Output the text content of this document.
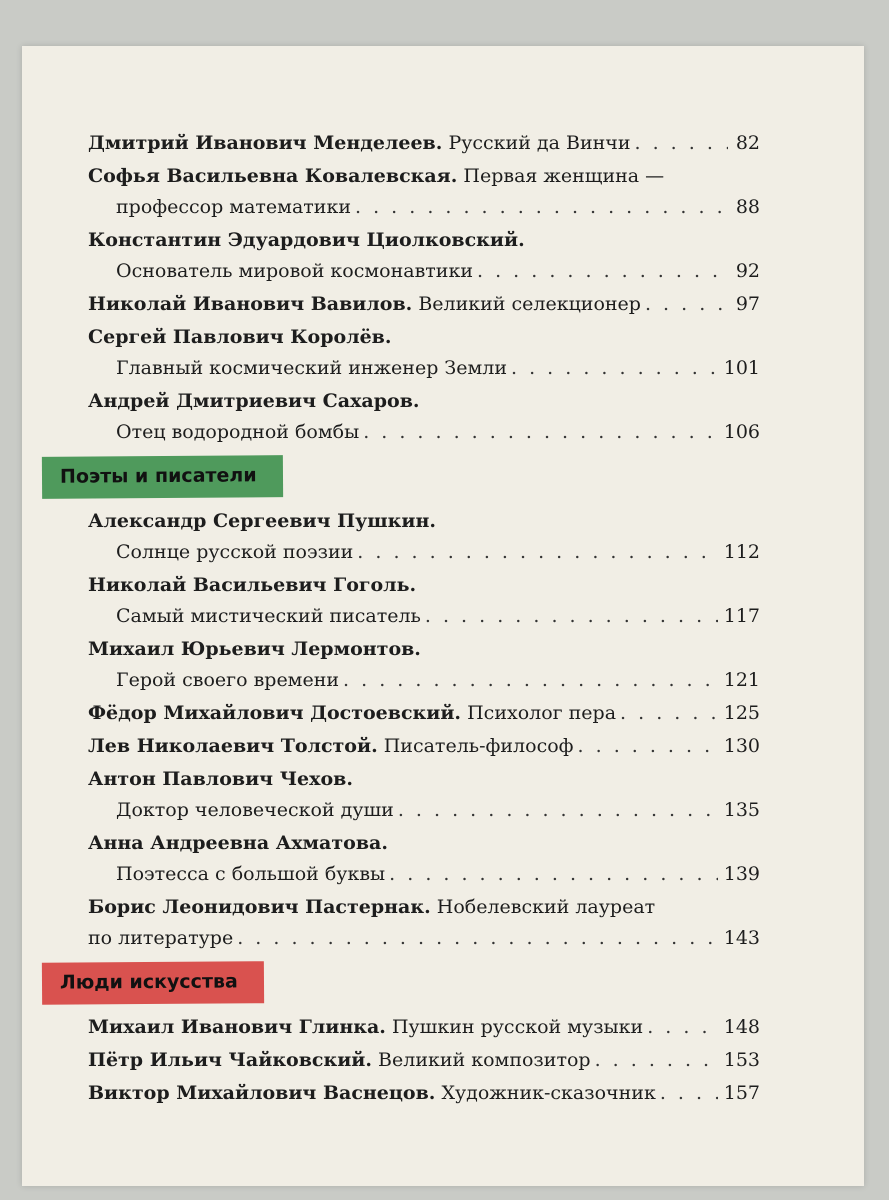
Дмитрий Иванович Менделеев.
Русский да Винчи . . .	82
Софья Васильевна Ковалевская.
Первая женщина —
профессор математики . . .	88
Константин Эдуардович Циолковский.
Основатель мировой космонавтики . . .	92
Николай Иванович Вавилов.
Великий селекционер . . .	97
Сергей Павлович Королёв.
Главный космический инженер Земли . . .	101
Андрей Дмитриевич Сахаров.
Отец водородной бомбы . . .	106
Поэты и писатели
Александр Сергеевич Пушкин.
Солнце русской поэзии . . .	112
Николай Васильевич Гоголь.
Самый мистический писатель . . .	117
Михаил Юрьевич Лермонтов.
Герой своего времени . . .	121
Фёдор Михайлович Достоевский.
Психолог пера . . .	125
Лев Николаевич Толстой.
Писатель-философ . . .	130
Антон Павлович Чехов.
Доктор человеческой души . . .	135
Анна Андреевна Ахматова.
Поэтесса с большой буквы . . .	139
Борис Леонидович Пастернак.
Нобелевский лауреат
по литературе . . .	143
Люди искусства
Михаил Иванович Глинка.
Пушкин русской музыки . . .	148
Пётр Ильич Чайковский.
Великий композитор . . .	153
Виктор Михайлович Васнецов.
Художник-сказочник . . .	157
